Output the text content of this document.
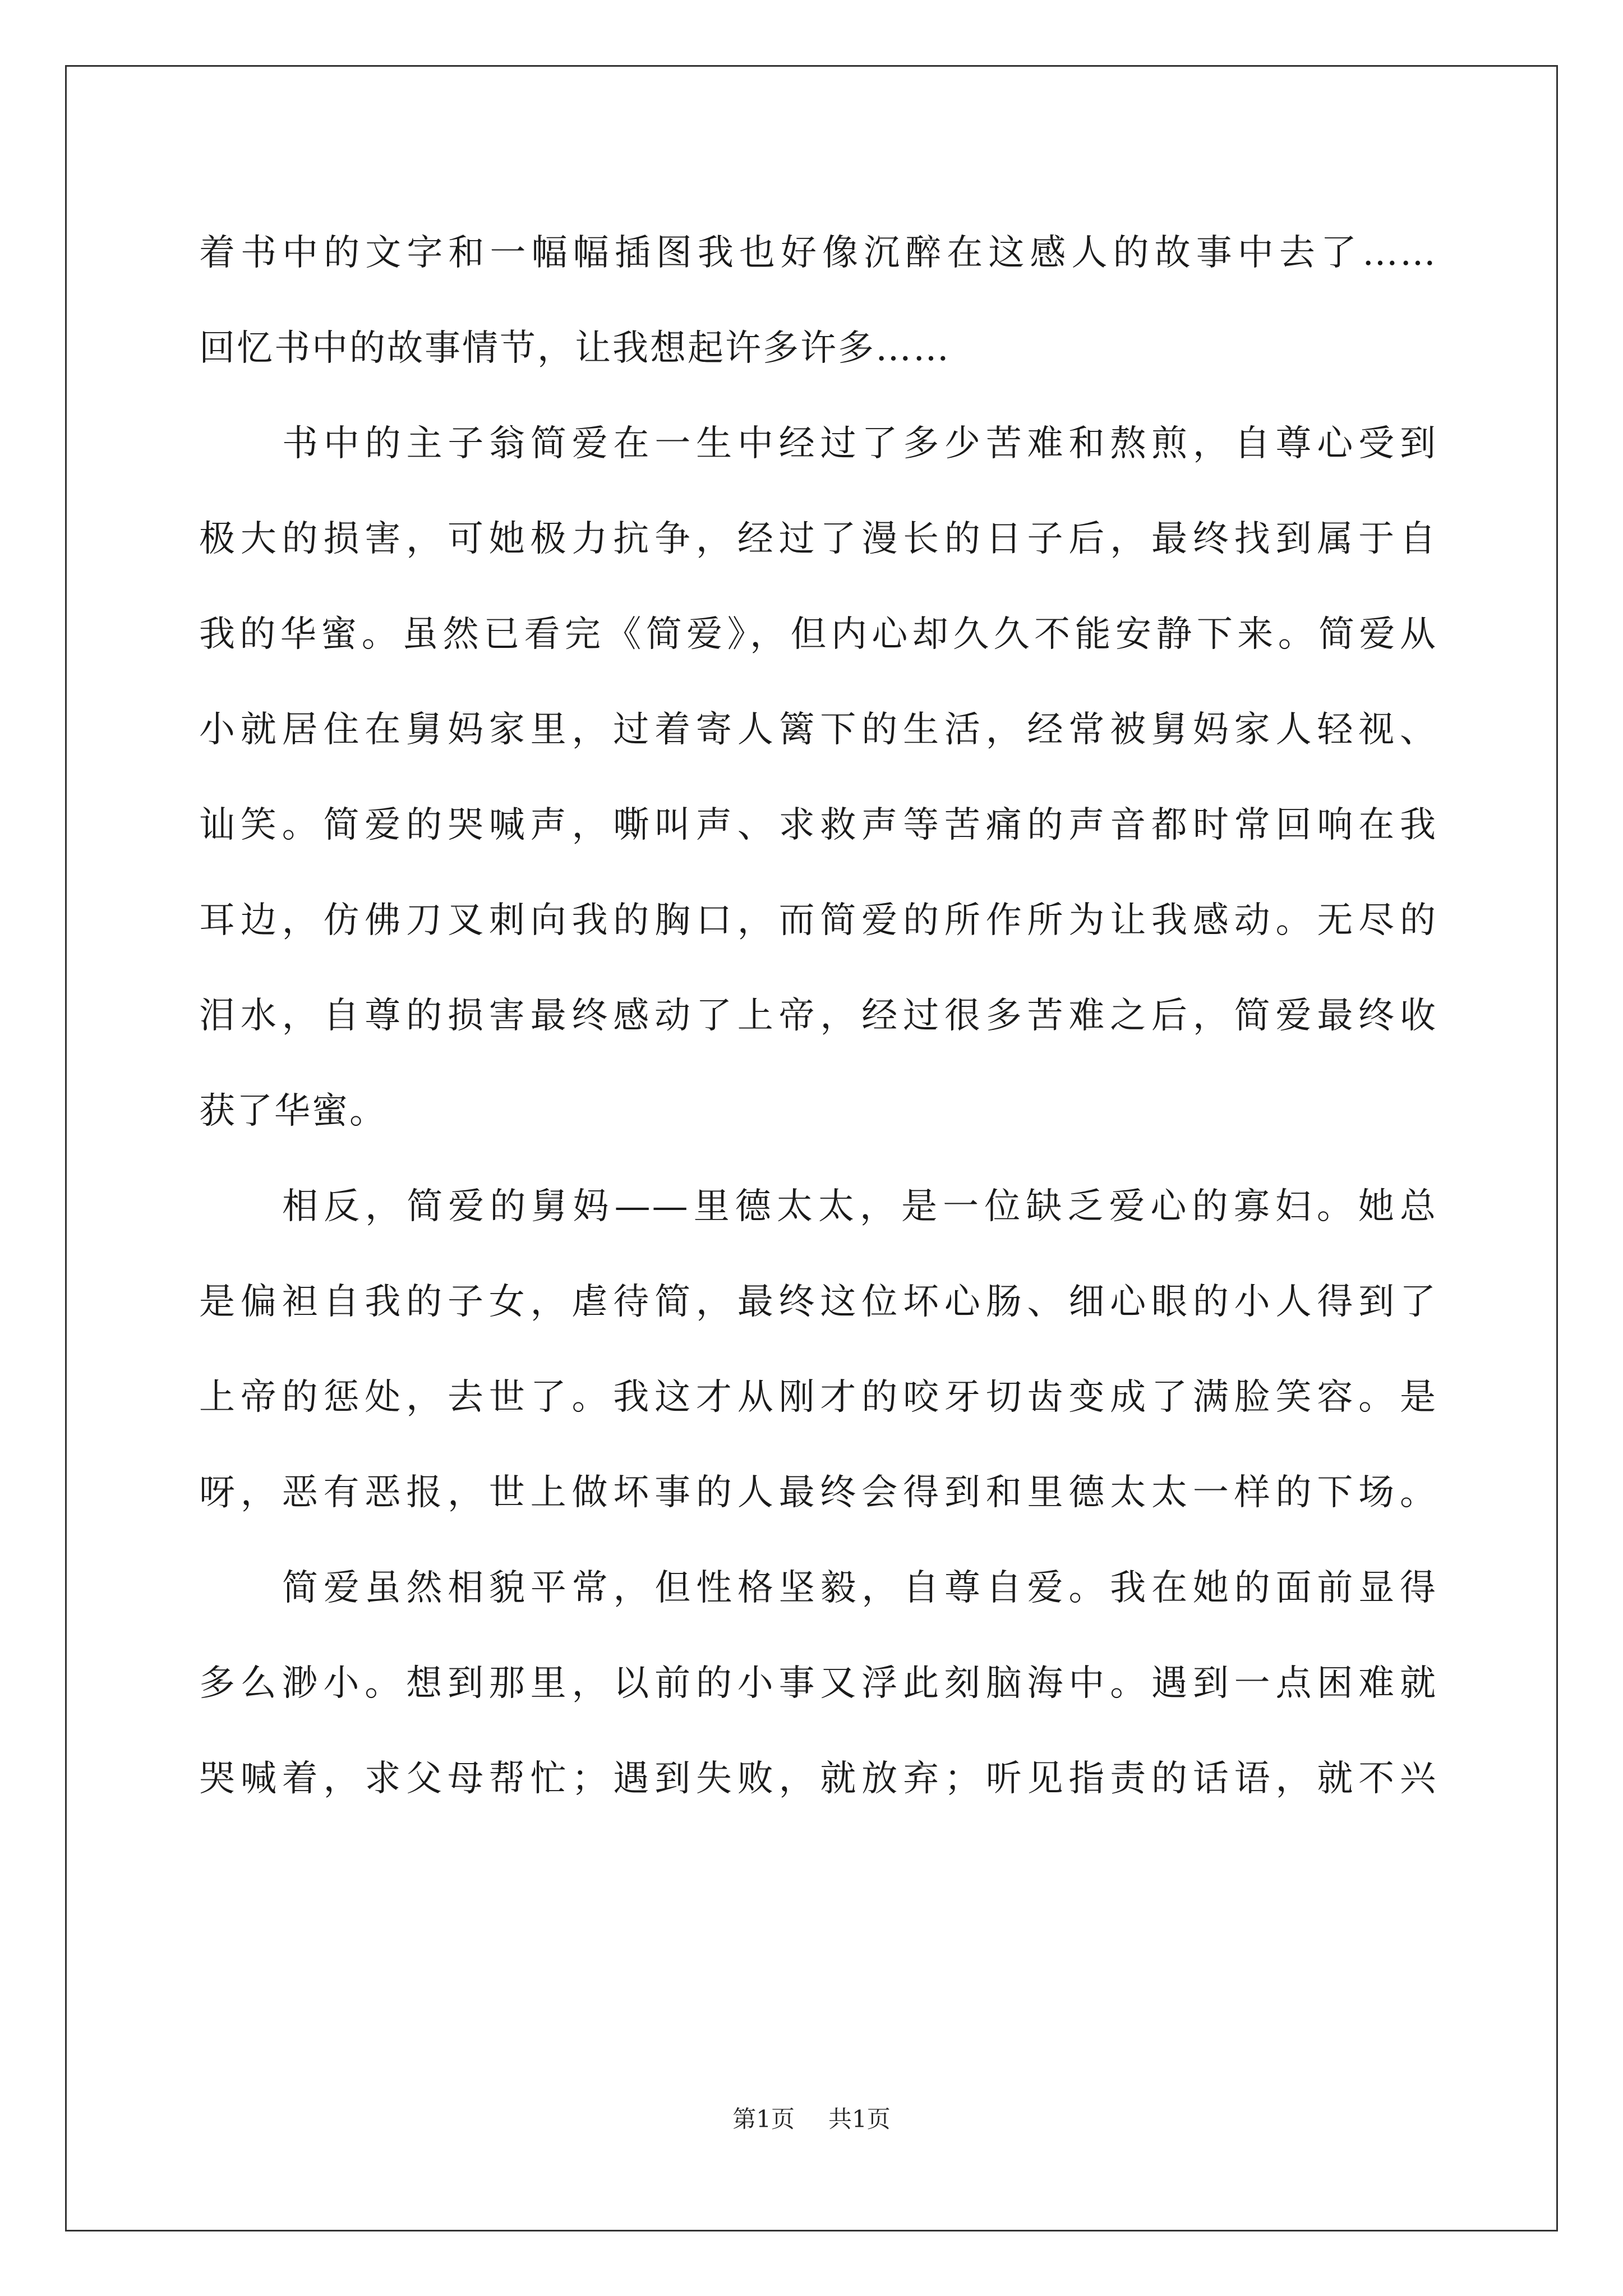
着书中的文字和一幅幅插图我也好像沉醉在这感人的故事中去了……
回忆书中的故事情节，让我想起许多许多……
书中的主子翁简爱在一生中经过了多少苦难和熬煎，自尊心受到
极大的损害，可她极力抗争，经过了漫长的日子后，最终找到属于自
我的华蜜。虽然已看完《简爱》，但内心却久久不能安静下来。简爱从
小就居住在舅妈家里，过着寄人篱下的生活，经常被舅妈家人轻视、
讪笑。简爱的哭喊声，嘶叫声、求救声等苦痛的声音都时常回响在我
耳边，仿佛刀叉刺向我的胸口，而简爱的所作所为让我感动。无尽的
泪水，自尊的损害最终感动了上帝，经过很多苦难之后，简爱最终收
获了华蜜。
相反，简爱的舅妈——里德太太，是一位缺乏爱心的寡妇。她总
是偏袒自我的子女，虐待简，最终这位坏心肠、细心眼的小人得到了
上帝的惩处，去世了。我这才从刚才的咬牙切齿变成了满脸笑容。是
呀，恶有恶报，世上做坏事的人最终会得到和里德太太一样的下场。
简爱虽然相貌平常，但性格坚毅，自尊自爱。我在她的面前显得
多么渺小。想到那里，以前的小事又浮此刻脑海中。遇到一点困难就
哭喊着，求父母帮忙；遇到失败，就放弃；听见指责的话语，就不兴
第1页 共1页
